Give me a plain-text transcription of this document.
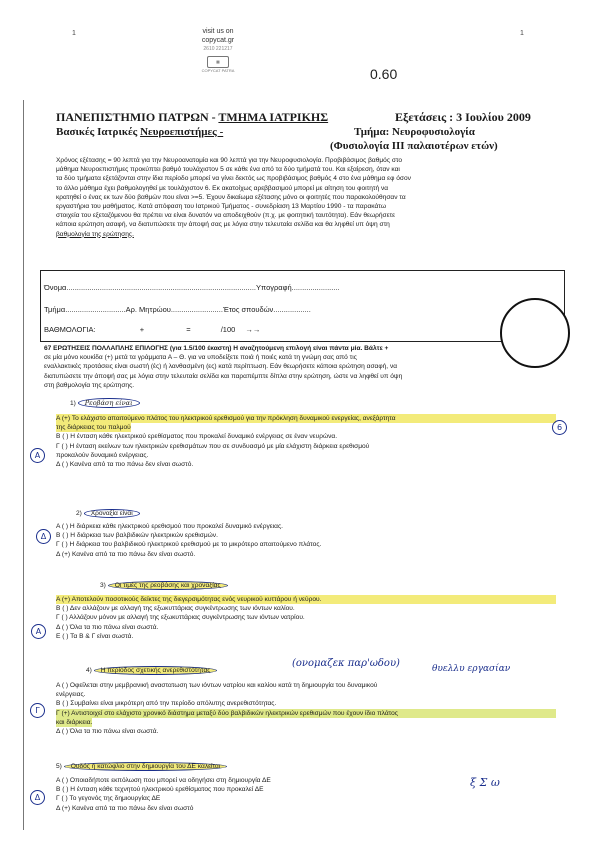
1	1
visit us on
copycat.gr
2610 221217
▦
COPYCAT PATRA	0.60
ΠΑΝΕΠΙΣΤΗΜΙΟ ΠΑΤΡΩΝ - ΤΜΗΜΑ ΙΑΤΡΙΚΗΣ	Εξετάσεις : 3 Ιουλίου 2009
Βασικές Ιατρικές Νευροεπιστήμες -	Τμήμα: Νευροφυσιολογία
(Φυσιολογία ΙΙΙ παλαιοτέρων ετών)
Χρόνος εξέτασης = 90 λεπτά για την Νευροανατομία και 90 λεπτά για την Νευροφυσιολογία. Προβιβάσιμος βαθμός στο
μάθημα Νευροεπιστήμες προκύπτει βαθμό τουλάχιστον 5 σε κάθε ένα από τα δύο τμήματά του. Και εξαίρεση, όταν και
τα δύο τμήματα εξετάζονται στην ίδια περίοδο μπορεί να γίνει δεκτός ως προβιβάσιμος βαθμός 4 στο ένα μάθημα εφ όσον
το άλλο μάθημα έχει βαθμολογηθεί με τουλάχιστον 6. Εκ ακατοίχως αρεββασιμού μπορεί με αίτηση του φοιτητή να
κρατηθεί ο ένας εκ των δύο βαθμών που είναι >=5. Έχουν δικαίωμα εξέτασης μόνο οι φοιτητές που παρακολούθησαν τα
εργαστήρια του μαθήματος. Κατά απόφαση του Ιατρικού Τμήματος - συνεδρίαση 13 Μαρτίου 1990 - τα παρακάτω
στοιχεία του εξεταζόμενου θα πρέπει να είναι δυνατόν να αποδειχθούν (π.χ. με φοιτητική ταυτότητα). Εάν θεωρήσετε
κάποια ερώτηση ασαφή, να διατυπώσετε την άποψή σας με λόγια στην τελευταία σελίδα και θα ληφθεί υπ όψη στη
βαθμολογία της ερώτησης.
Όνομα...........................................................................................Υπογραφή.......................
Τμήμα.............................Αρ. Μητρώου.........................Έτος σπουδών..................
ΒΑΘΜΟΛΟΓΙΑ:	+	=	/100 →→
67 ΕΡΩΤΗΣΕΙΣ ΠΟΛΛΑΠΛΗΣ ΕΠΙΛΟΓΗΣ (για 1.5/100 έκαστη) Η αναζητούμενη επιλογή είναι πάντα μία. Βάλτε +
σε μία μόνο κουκίδα (+) μετά τα γράμματα Α – Θ. για να υποδείξετε ποιά ή ποιές κατά τη γνώμη σας από τις
εναλλακτικές προτάσεις είναι σωστή (ές) ή λανθασμένη (ες) κατά περίπτωση. Εάν θεωρήσετε κάποια ερώτηση ασαφή, να
διατυπώσετε την άποψή σας με λόγια στην τελευταία σελίδα και παραπέμπτε δίπλα στην ερώτηση, ώστε να ληφθεί υπ όψη
στη βαθμολογία της ερώτησης.
1) Ρεοβάση είναι
Α (+) Το ελάχιστο απαιτούμενο πλάτος του ηλεκτρικού ερεθισμού για την πρόκληση δυναμικού ενεργείας, ανεξάρτητα
της διάρκειας του παλμού
Β ( ) Η ένταση κάθε ηλεκτρικού ερεθίσματος που προκαλεί δυναμικό ενέργειας σε έναν νευρώνα.
Γ ( ) Η ένταση εκείνων των ηλεκτρικών ερεθισμάτων που σε συνδυασμό με μία ελάχιστη διάρκεια ερεθισμού
προκαλούν δυναμικό ενέργειας.
Δ ( ) Κανένα από τα πιο πάνω δεν είναι σωστό.
Α
6
2) Χροναξία είναι
Α ( ) Η διάρκεια κάθε ηλεκτρικού ερεθισμού που προκαλεί δυναμικό ενέργειας.
Β ( ) Η διάρκεια των βαλβιδικών ηλεκτρικών ερεθισμών.
Γ ( ) Η διάρκεια του βαλβιδικού ηλεκτρικού ερεθισμού με το μικρότερο απαιτούμενο πλάτος.
Δ (+) Κανένα από τα πιο πάνω δεν είναι σωστό.
Δ
3) Οι τιμές της ρεοβάσης και χροναξίας
Α (+) Αποτελούν ποσοτικούς δείκτες της διεγερσιμότητας ενός νευρικού κυττάρου ή νεύρου.
Β ( ) Δεν αλλάζουν με αλλαγή της εξωκυττάριας συγκέντρωσης των ιόντων καλίου.
Γ ( ) Αλλάζουν μόνον με αλλαγή της εξωκυττάριας συγκέντρωσης των ιόντων νατρίου.
Δ ( ) Όλα τα πιο πάνω είναι σωστά.
Ε ( ) Τα Β & Γ είναι σωστά.
Α
4) Η περίοδος σχετικής ανερεθιστότητας
(ονομαζεκ παρ'ωδου)	θυελλυ εργασίαν
Α ( ) Οφείλεται στην μεμβρανική αναστατωση των ιόντων νατρίου και καλίου κατά τη δημιουργία του δυναμικού
ενέργειας.
Β ( ) Συμβαίνει είναι μικρότερη από την περίοδο απόλυτης ανερεθιστότητας.
Γ (+) Αντιστοιχεί στο ελάχιστο χρονικό διάστημα μεταξύ δύο βαλβιδικών ηλεκτρικών ερεθισμών που έχουν ίδιο πλάτος
και διάρκεια.
Δ ( ) Όλα τα πιο πάνω είναι σωστά.
Γ
5) Ουδός ή κατώφλιο στην δημιουργία του ΔΕ καλείται
ξ Σ ω
Α ( ) Οποιαδήποτε εκπόλωση που μπορεί να οδηγήσει στη δημιουργία ΔΕ
Β ( ) Η ένταση κάθε τεχνητού ηλεκτρικού ερεθίσματος που προκαλεί ΔΕ
Γ ( ) Το γεγονός της δημιουργίας ΔΕ
Δ (+) Κανένα από τα πιο πάνω δεν είναι σωστό
Δ
